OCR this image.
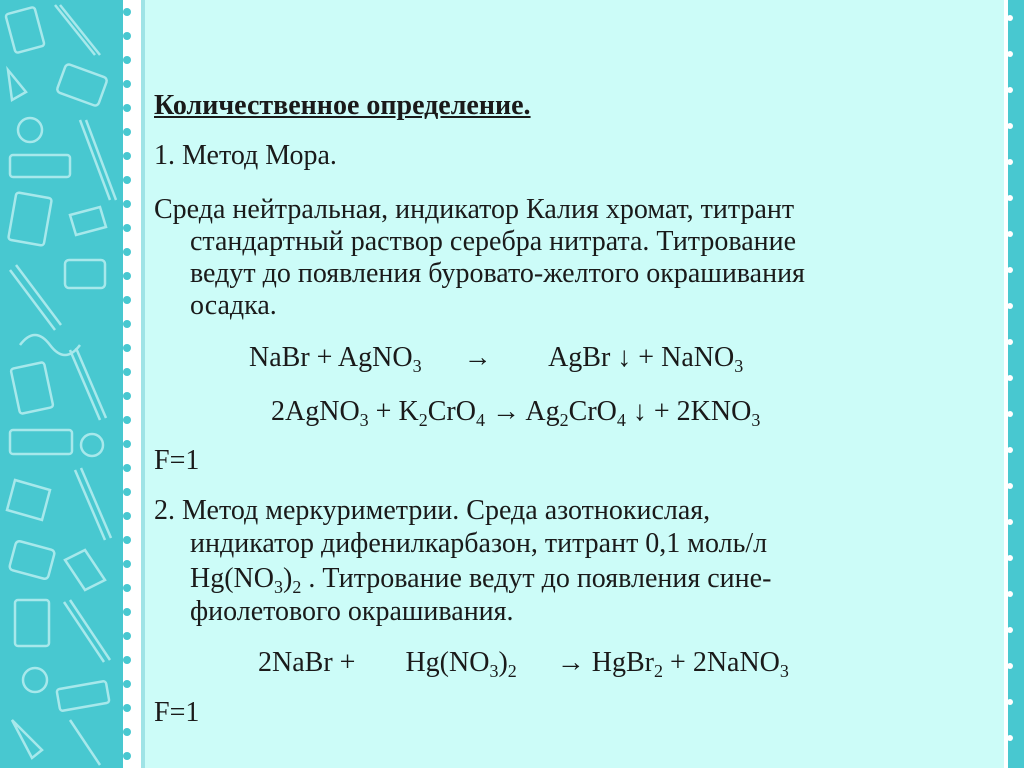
Количественное определение.
1. Метод Мора.
Среда нейтральная, индикатор Калия хромат, титрант
стандартный раствор серебра нитрата. Титрование
ведут до появления буровато-желтого окрашивания
осадка.
NaBr + AgNO$_3$ → AgBr ↓ + NaNO$_3$
2AgNO$_3$ + $K_2CrO_4 \to Ag_2CrO_4$ ↓ + $2KNO_3$
F=1
2. Метод меркуриметрии. Среда азотнокислая,
индикатор дифенилкарбазон, титрант 0,1 моль/л
$Hg(NO_3)_2$ . Титрование ведут до появления сине-
фиолетового окрашивания.
2NaBr + $Hg(NO_3)_2$ → HgBr$_2$ + 2NaNO$_3$
F=1
